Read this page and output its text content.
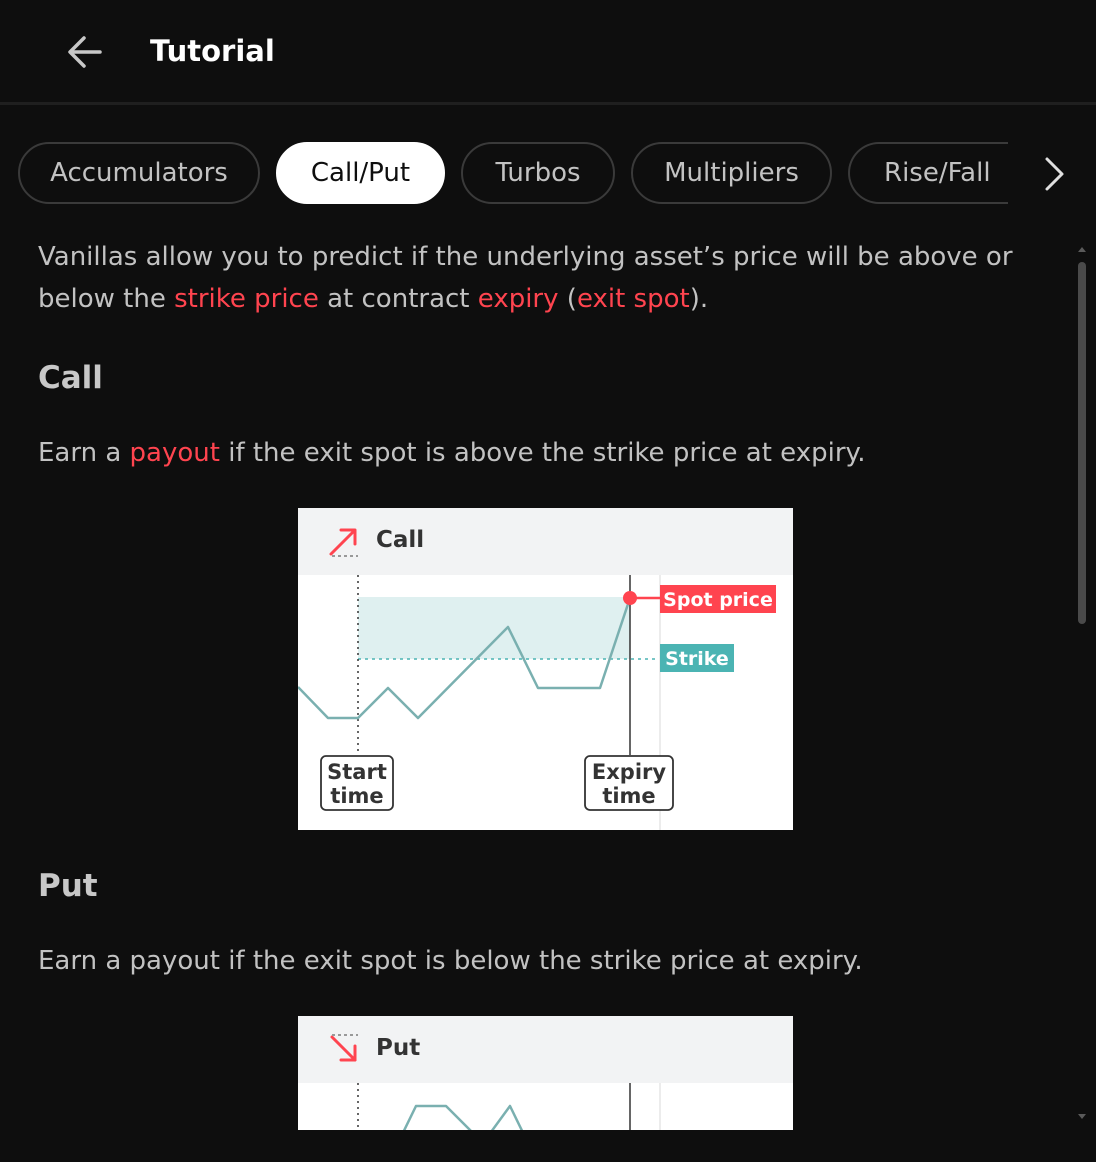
Tutorial
Accumulators	Call/Put	Turbos	Multipliers	Rise/Fall

Vanillas allow you to predict if the underlying asset’s price will be above or below the strike price at contract expiry (exit spot).

Call

Earn a payout if the exit spot is above the strike price at expiry.

Call
Spot price
Strike
Start
time
Expiry
time
Put

Earn a payout if the exit spot is below the strike price at expiry.

Put
